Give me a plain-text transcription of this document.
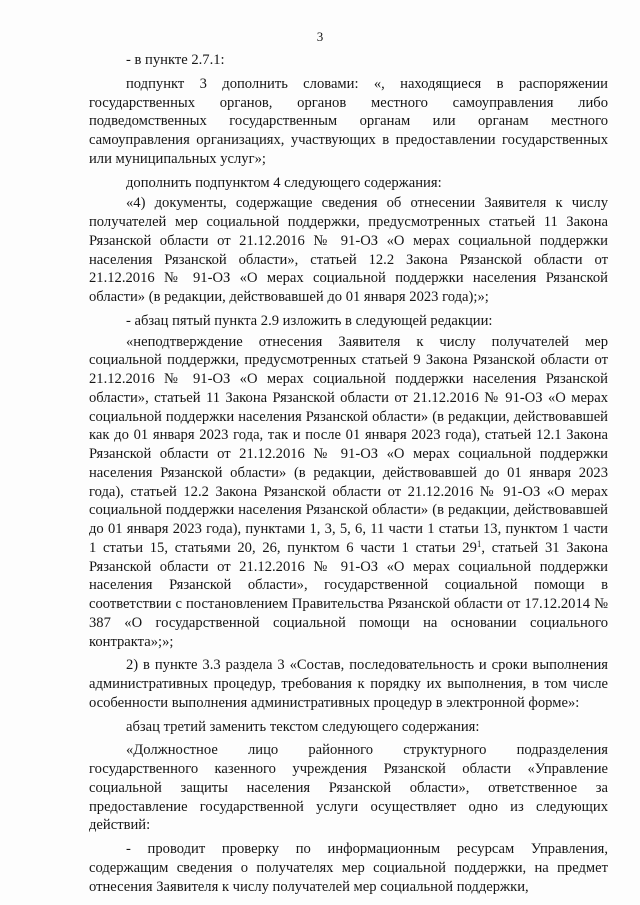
3

- в пункте 2.7.1:

подпункт 3 дополнить словами: «, находящиеся в распоряжении государственных органов, органов местного самоуправления либо подведомственных государственным органам или органам местного самоуправления организациях, участвующих в предоставлении государственных или муниципальных услуг»;

дополнить подпунктом 4 следующего содержания:

«4) документы, содержащие сведения об отнесении Заявителя к числу получателей мер социальной поддержки, предусмотренных статьей 11 Закона Рязанской области от 21.12.2016 № 91-ОЗ «О мерах социальной поддержки населения Рязанской области», статьей 12.2 Закона Рязанской области от 21.12.2016 № 91-ОЗ «О мерах социальной поддержки населения Рязанской области» (в редакции, действовавшей до 01 января 2023 года);»;

- абзац пятый пункта 2.9 изложить в следующей редакции:

«неподтверждение отнесения Заявителя к числу получателей мер социальной поддержки, предусмотренных статьей 9 Закона Рязанской области от 21.12.2016 № 91-ОЗ «О мерах социальной поддержки населения Рязанской области», статьей 11 Закона Рязанской области от 21.12.2016 № 91-ОЗ «О мерах социальной поддержки населения Рязанской области» (в редакции, действовавшей как до 01 января 2023 года, так и после 01 января 2023 года), статьей 12.1 Закона Рязанской области от 21.12.2016 № 91-ОЗ «О мерах социальной поддержки населения Рязанской области» (в редакции, действовавшей до 01 января 2023 года), статьей 12.2 Закона Рязанской области от 21.12.2016 № 91-ОЗ «О мерах социальной поддержки населения Рязанской области» (в редакции, действовавшей до 01 января 2023 года), пунктами 1, 3, 5, 6, 11 части 1 статьи 13, пунктом 1 части 1 статьи 15, статьями 20, 26, пунктом 6 части 1 статьи $29^1$, статьей 31 Закона Рязанской области от 21.12.2016 № 91-ОЗ «О мерах социальной поддержки населения Рязанской области», государственной социальной помощи в соответствии с постановлением Правительства Рязанской области от 17.12.2014 № 387 «О государственной социальной помощи на основании социального контракта»;»;

2) в пункте 3.3 раздела 3 «Состав, последовательность и сроки выполнения административных процедур, требования к порядку их выполнения, в том числе особенности выполнения административных процедур в электронной форме»:

абзац третий заменить текстом следующего содержания:

«Должностное лицо районного структурного подразделения государственного казенного учреждения Рязанской области «Управление социальной защиты населения Рязанской области», ответственное за предоставление государственной услуги осуществляет одно из следующих действий:

- проводит проверку по информационным ресурсам Управления, содержащим сведения о получателях мер социальной поддержки, на предмет отнесения Заявителя к числу получателей мер социальной поддержки,
